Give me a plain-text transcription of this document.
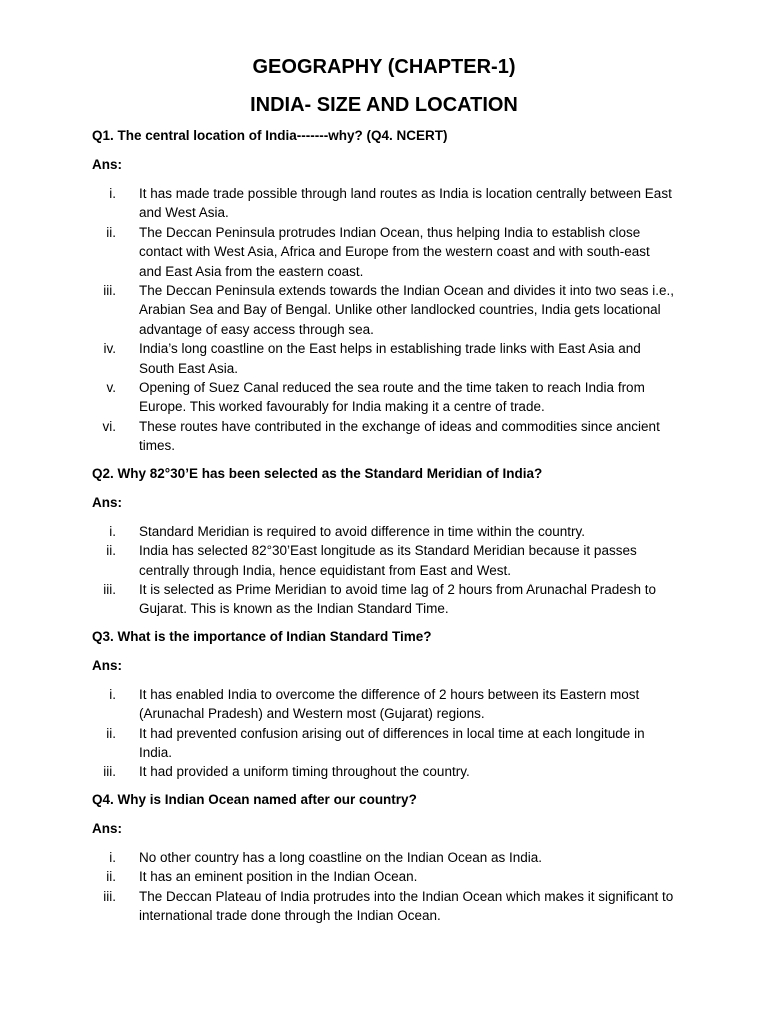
GEOGRAPHY (CHAPTER-1)
INDIA- SIZE AND LOCATION

Q1. The central location of India-------why? (Q4. NCERT)

Ans:

i. It has made trade possible through land routes as India is location centrally between East and West Asia.
ii. The Deccan Peninsula protrudes Indian Ocean, thus helping India to establish close contact with West Asia, Africa and Europe from the western coast and with south-east and East Asia from the eastern coast.
iii. The Deccan Peninsula extends towards the Indian Ocean and divides it into two seas i.e., Arabian Sea and Bay of Bengal. Unlike other landlocked countries, India gets locational advantage of easy access through sea.
iv. India’s long coastline on the East helps in establishing trade links with East Asia and South East Asia.
v. Opening of Suez Canal reduced the sea route and the time taken to reach India from Europe. This worked favourably for India making it a centre of trade.
vi. These routes have contributed in the exchange of ideas and commodities since ancient times.

Q2. Why 82°30’E has been selected as the Standard Meridian of India?

Ans:

i. Standard Meridian is required to avoid difference in time within the country.
ii. India has selected 82°30’East longitude as its Standard Meridian because it passes centrally through India, hence equidistant from East and West.
iii. It is selected as Prime Meridian to avoid time lag of 2 hours from Arunachal Pradesh to Gujarat. This is known as the Indian Standard Time.

Q3. What is the importance of Indian Standard Time?

Ans:

i. It has enabled India to overcome the difference of 2 hours between its Eastern most (Arunachal Pradesh) and Western most (Gujarat) regions.
ii. It had prevented confusion arising out of differences in local time at each longitude in India.
iii. It had provided a uniform timing throughout the country.

Q4. Why is Indian Ocean named after our country?

Ans:

i. No other country has a long coastline on the Indian Ocean as India.
ii. It has an eminent position in the Indian Ocean.
iii. The Deccan Plateau of India protrudes into the Indian Ocean which makes it significant to international trade done through the Indian Ocean.
